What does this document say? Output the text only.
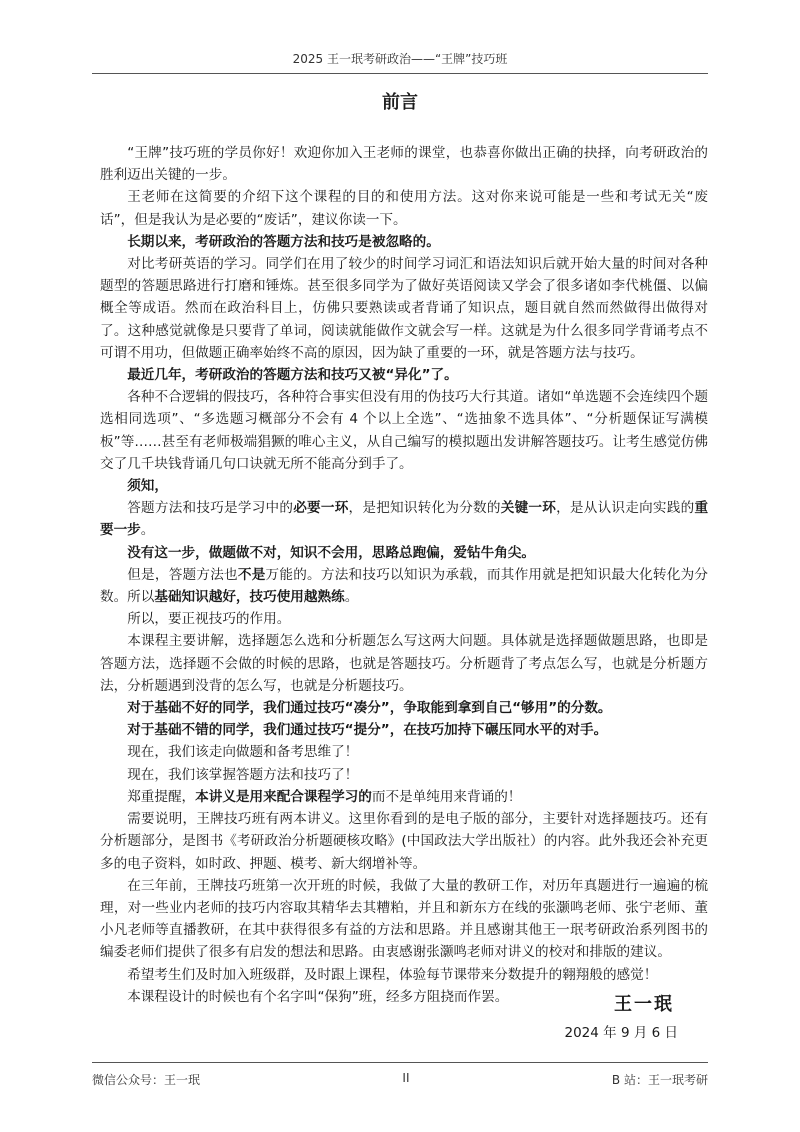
2025 王一珉考研政治——“王牌”技巧班
前言

“王牌”技巧班的学员你好！欢迎你加入王老师的课堂，也恭喜你做出正确的抉择，向考研政治的胜利迈出关键的一步。

王老师在这简要的介绍下这个课程的目的和使用方法。这对你来说可能是一些和考试无关“废话”，但是我认为是必要的“废话”，建议你读一下。

长期以来，考研政治的答题方法和技巧是被忽略的。

对比考研英语的学习。同学们在用了较少的时间学习词汇和语法知识后就开始大量的时间对各种题型的答题思路进行打磨和锤炼。甚至很多同学为了做好英语阅读又学会了很多诸如李代桃僵、以偏概全等成语。然而在政治科目上，仿佛只要熟读或者背诵了知识点，题目就自然而然做得出做得对了。这种感觉就像是只要背了单词，阅读就能做作文就会写一样。这就是为什么很多同学背诵考点不可谓不用功，但做题正确率始终不高的原因，因为缺了重要的一环，就是答题方法与技巧。

最近几年，考研政治的答题方法和技巧又被“异化”了。

各种不合逻辑的假技巧，各种符合事实但没有用的伪技巧大行其道。诸如“单选题不会连续四个题选相同选项”、“多选题习概部分不会有 4 个以上全选”、“选抽象不选具体”、“分析题保证写满模板”等……甚至有老师极端猖獗的唯心主义，从自己编写的模拟题出发讲解答题技巧。让考生感觉仿佛交了几千块钱背诵几句口诀就无所不能高分到手了。

须知，

答题方法和技巧是学习中的必要一环，是把知识转化为分数的关键一环，是从认识走向实践的重要一步。

没有这一步，做题做不对，知识不会用，思路总跑偏，爱钻牛角尖。

但是，答题方法也不是万能的。方法和技巧以知识为承载，而其作用就是把知识最大化转化为分数。所以基础知识越好，技巧使用越熟练。

所以，要正视技巧的作用。

本课程主要讲解，选择题怎么选和分析题怎么写这两大问题。具体就是选择题做题思路，也即是答题方法，选择题不会做的时候的思路，也就是答题技巧。分析题背了考点怎么写，也就是分析题方法，分析题遇到没背的怎么写，也就是分析题技巧。

对于基础不好的同学，我们通过技巧“凑分”，争取能到拿到自己“够用”的分数。

对于基础不错的同学，我们通过技巧“提分”，在技巧加持下碾压同水平的对手。

现在，我们该走向做题和备考思维了！

现在，我们该掌握答题方法和技巧了！

郑重提醒，本讲义是用来配合课程学习的而不是单纯用来背诵的！

需要说明，王牌技巧班有两本讲义。这里你看到的是电子版的部分，主要针对选择题技巧。还有分析题部分，是图书《考研政治分析题硬核攻略》(中国政法大学出版社）的内容。此外我还会补充更多的电子资料，如时政、押题、模考、新大纲增补等。

在三年前，王牌技巧班第一次开班的时候，我做了大量的教研工作，对历年真题进行一遍遍的梳理，对一些业内老师的技巧内容取其精华去其糟粕，并且和新东方在线的张灏鸣老师、张宁老师、董小凡老师等直播教研，在其中获得很多有益的方法和思路。并且感谢其他王一珉考研政治系列图书的编委老师们提供了很多有启发的想法和思路。由衷感谢张灏鸣老师对讲义的校对和排版的建议。

希望考生们及时加入班级群，及时跟上课程，体验每节课带来分数提升的翱翔般的感觉！

本课程设计的时候也有个名字叫“保狗”班，经多方阻挠而作罢。	王一珉
2024 年 9 月 6 日
微信公众号：王一珉	II	B 站：王一珉考研
